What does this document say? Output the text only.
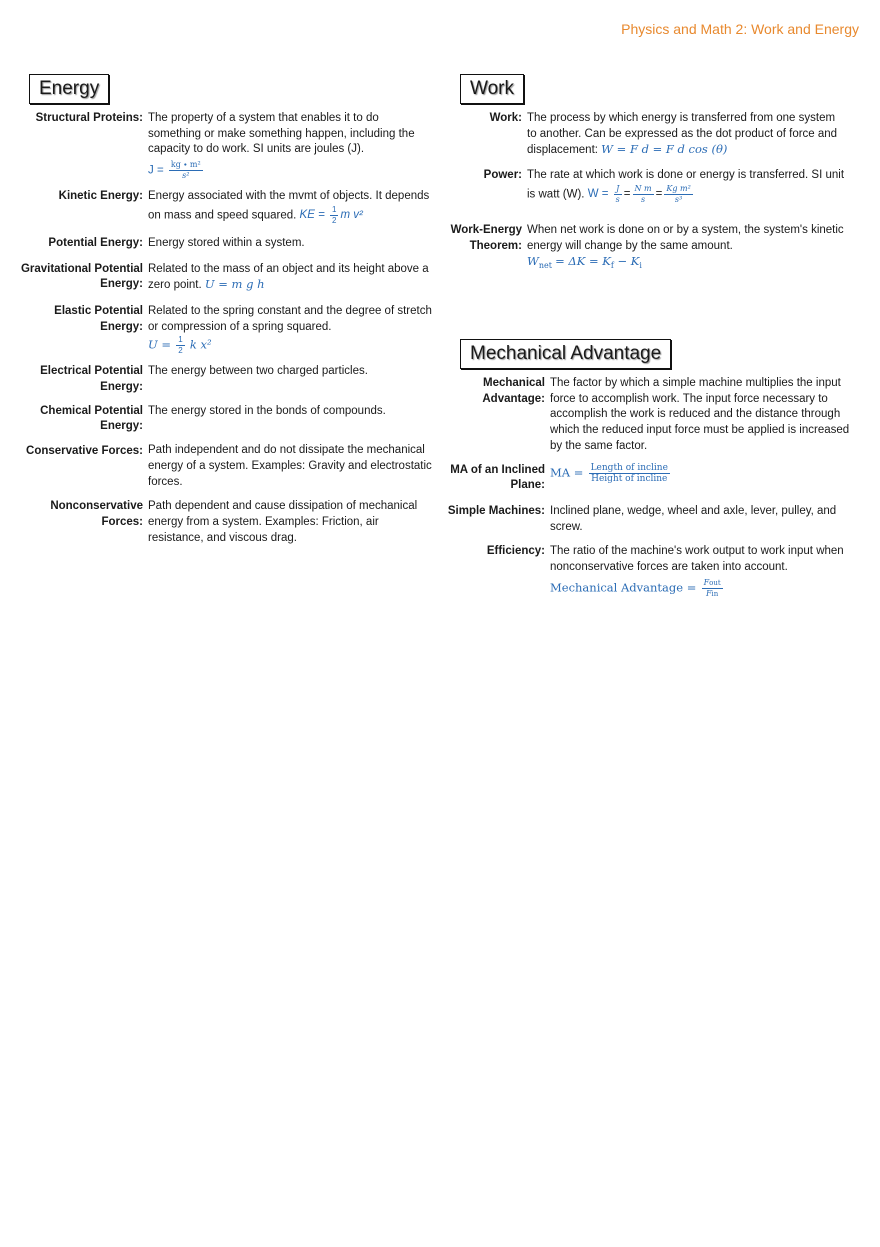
Physics and Math 2: Work and Energy
Energy
Structural Proteins: The property of a system that enables it to do something or make something happen, including the capacity to do work. SI units are joules (J).
$J = \frac{\text{kg ∙ m²}}{\text{s²}}$
Kinetic Energy: Energy associated with the mvmt of objects. It depends on mass and speed squared. KE = $\frac{1}{2}$ m v²
Potential Energy: Energy stored within a system.
Gravitational Potential Energy:
Related to the mass of an object and its height above a zero point. U = m g h
Elastic Potential Energy:
Related to the spring constant and the degree of stretch or compression of a spring squared.
$U = \frac{1}{2}$ k x²
Electrical Potential Energy:
The energy between two charged particles.
Chemical Potential Energy:
The energy stored in the bonds of compounds.
Conservative Forces: Path independent and do not dissipate the mechanical energy of a system. Examples: Gravity and electrostatic forces.
Nonconservative Forces:
Path dependent and cause dissipation of mechanical energy from a system. Examples: Friction, air resistance, and viscous drag.
Work
Work: The process by which energy is transferred from one system to another. Can be expressed as the dot product of force and displacement: W = F d = F d cos (θ)
Power: The rate at which work is done or energy is transferred. SI unit is watt (W). $W = \frac{J}{s} = \frac{\text{N m}}{s} = \frac{\text{Kg m²}}{\text{s³}}$
Work-Energy Theorem:
When net work is done on or by a system, the system's kinetic energy will change by the same amount.
$W_{net} = \Delta K = K_f - K_i$
Mechanical Advantage
Mechanical Advantage:
The factor by which a simple machine multiplies the input force to accomplish work. The input force necessary to accomplish the work is reduced and the distance through which the reduced input force must be applied is increased by the same factor.
MA of an Inclined Plane:
MA = $\frac{\text{Length of incline}}{\text{Height of incline}}$
Simple Machines: Inclined plane, wedge, wheel and axle, lever, pulley, and screw.
Efficiency: The ratio of the machine's work output to work input when nonconservative forces are taken into account.
Mechanical Advantage = $\frac{\text{Fout}}{\text{Fin}}$
